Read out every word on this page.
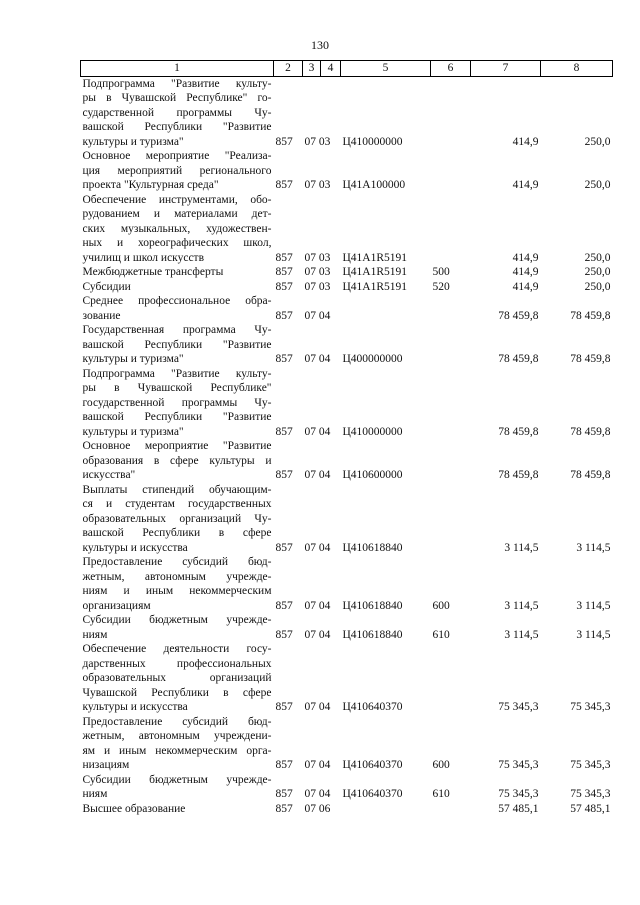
130
1	2	3	4	5	6	7	8

Подпрограмма "Развитие культу-
ры в Чувашской Республике" го-
сударственной программы Чу-
вашской Республики "Развитие
культуры и туризма"	857	07 03		Ц410000000		414,9	250,0

Основное мероприятие "Реализа-
ция мероприятий регионального
проекта "Культурная среда"	857	07 03		Ц41A100000		414,9	250,0

Обеспечение инструментами, обо-
рудованием и материалами дет-
ских музыкальных, художествен-
ных и хореографических школ,
училищ и школ искусств	857	07 03		Ц41A1R5191		414,9	250,0

Межбюджетные трансферты	857	07 03		Ц41A1R5191	500	414,9	250,0

Субсидии	857	07 03		Ц41A1R5191	520	414,9	250,0

Среднее профессиональное обра-
зование	857	07 04				78 459,8	78 459,8

Государственная программа Чу-
вашской Республики "Развитие
культуры и туризма"	857	07 04		Ц400000000		78 459,8	78 459,8

Подпрограмма "Развитие культу-
ры в Чувашской Республике"
государственной программы Чу-
вашской Республики "Развитие
культуры и туризма"	857	07 04		Ц410000000		78 459,8	78 459,8

Основное мероприятие "Развитие
образования в сфере культуры и
искусства"	857	07 04		Ц410600000		78 459,8	78 459,8

Выплаты стипендий обучающим-
ся и студентам государственных
образовательных организаций Чу-
вашской Республики в сфере
культуры и искусства	857	07 04		Ц410618840		3 114,5	3 114,5

Предоставление субсидий бюд-
жетным, автономным учрежде-
ниям и иным некоммерческим
организациям	857	07 04		Ц410618840	600	3 114,5	3 114,5

Субсидии бюджетным учрежде-
ниям	857	07 04		Ц410618840	610	3 114,5	3 114,5

Обеспечение деятельности госу-
дарственных профессиональных
образовательных организаций
Чувашской Республики в сфере
культуры и искусства	857	07 04		Ц410640370		75 345,3	75 345,3

Предоставление субсидий бюд-
жетным, автономным учреждени-
ям и иным некоммерческим орга-
низациям	857	07 04		Ц410640370	600	75 345,3	75 345,3

Субсидии бюджетным учрежде-
ниям	857	07 04		Ц410640370	610	75 345,3	75 345,3

Высшее образование	857	07 06				57 485,1	57 485,1
